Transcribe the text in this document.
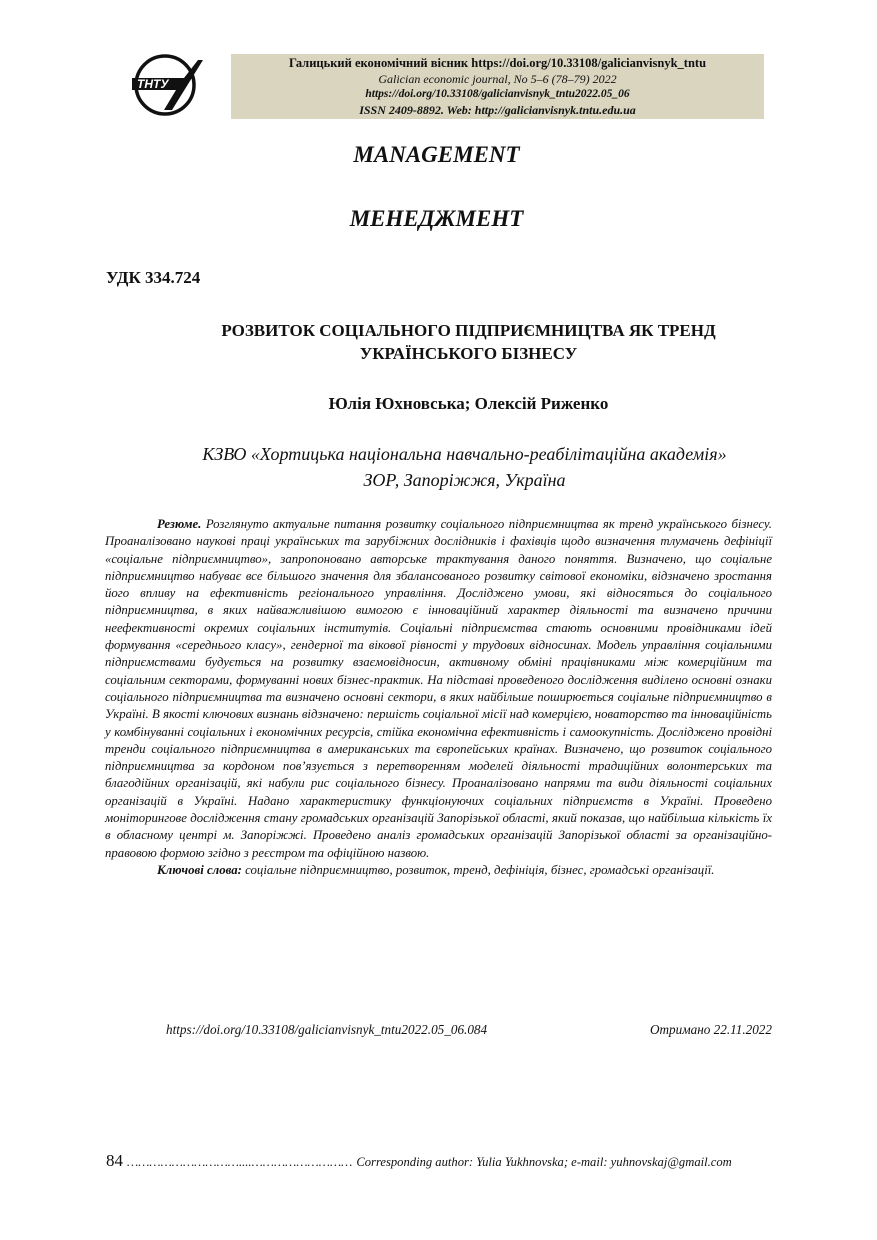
ТНТУ
Галицький економічний вісник https://doi.org/10.33108/galicianvisnyk_tntu
Galician economic journal, No 5–6 (78–79) 2022
https://doi.org/10.33108/galicianvisnyk_tntu2022.05_06
ISSN 2409-8892. Web: http://galicianvisnyk.tntu.edu.ua
MANAGEMENT
МЕНЕДЖМЕНТ
УДК 334.724
РОЗВИТОК СОЦІАЛЬНОГО ПІДПРИЄМНИЦТВА ЯК ТРЕНД
УКРАЇНСЬКОГО БІЗНЕСУ
Юлія Юхновська; Олексій Риженко
КЗВО «Хортицька національна навчально-реабілітаційна академія»
ЗОР, Запоріжжя, Україна

Резюме. Розглянуто актуальне питання розвитку соціального підприємництва як тренд українського бізнесу. Проаналізовано наукові праці українських та зарубіжних дослідників і фахівців щодо визначення тлумачень дефініції «соціальне підприємництво», запропоновано авторське трактування даного поняття. Визначено, що соціальне підприємництво набуває все більшого значення для збалансованого розвитку світової економіки, відзначено зростання його впливу на ефективність регіонального управління. Досліджено умови, які відносяться до соціального підприємництва, в яких найважливішою вимогою є інноваційний характер діяльності та визначено причини неефективності окремих соціальних інститутів. Соціальні підприємства стають основними провідниками ідей формування «середнього класу», гендерної та вікової рівності у трудових відносинах. Модель управління соціальними підприємствами будується на розвитку взаємовідносин, активному обміні працівниками між комерційним та соціальним секторами, формуванні нових бізнес-практик. На підставі проведеного дослідження виділено основні ознаки соціального підприємництва та визначено основні сектори, в яких найбільше поширюється соціальне підприємництво в Україні. В якості ключових визнань відзначено: першість соціальної місії над комерцією, новаторство та інноваційність у комбінуванні соціальних і економічних ресурсів, стійка економічна ефективність і самоокупність. Досліджено провідні тренди соціального підприємництва в американських та європейських країнах. Визначено, що розвиток соціального підприємництва за кордоном пов’язується з перетворенням моделей діяльності традиційних волонтерських та благодійних організацій, які набули рис соціального бізнесу. Проаналізовано напрями та види діяльності соціальних організацій в Україні. Надано характеристику функціонуючих соціальних підприємств в Україні. Проведено моніторингове дослідження стану громадських організацій Запорізької області, який показав, що найбільша кількість їх в обласному центрі м. Запоріжжі. Проведено аналіз громадських організацій Запорізької області за організаційно-правовою формою згідно з реєстром та офіційною назвою.

Ключові слова: соціальне підприємництво, розвиток, тренд, дефініція, бізнес, громадські організації.

https://doi.org/10.33108/galicianvisnyk_tntu2022.05_06.084	Отримано 22.11.2022
84 …………………………....……………………… Corresponding author: Yulia Yukhnovska; e-mail: yuhnovskaj@gmail.com
